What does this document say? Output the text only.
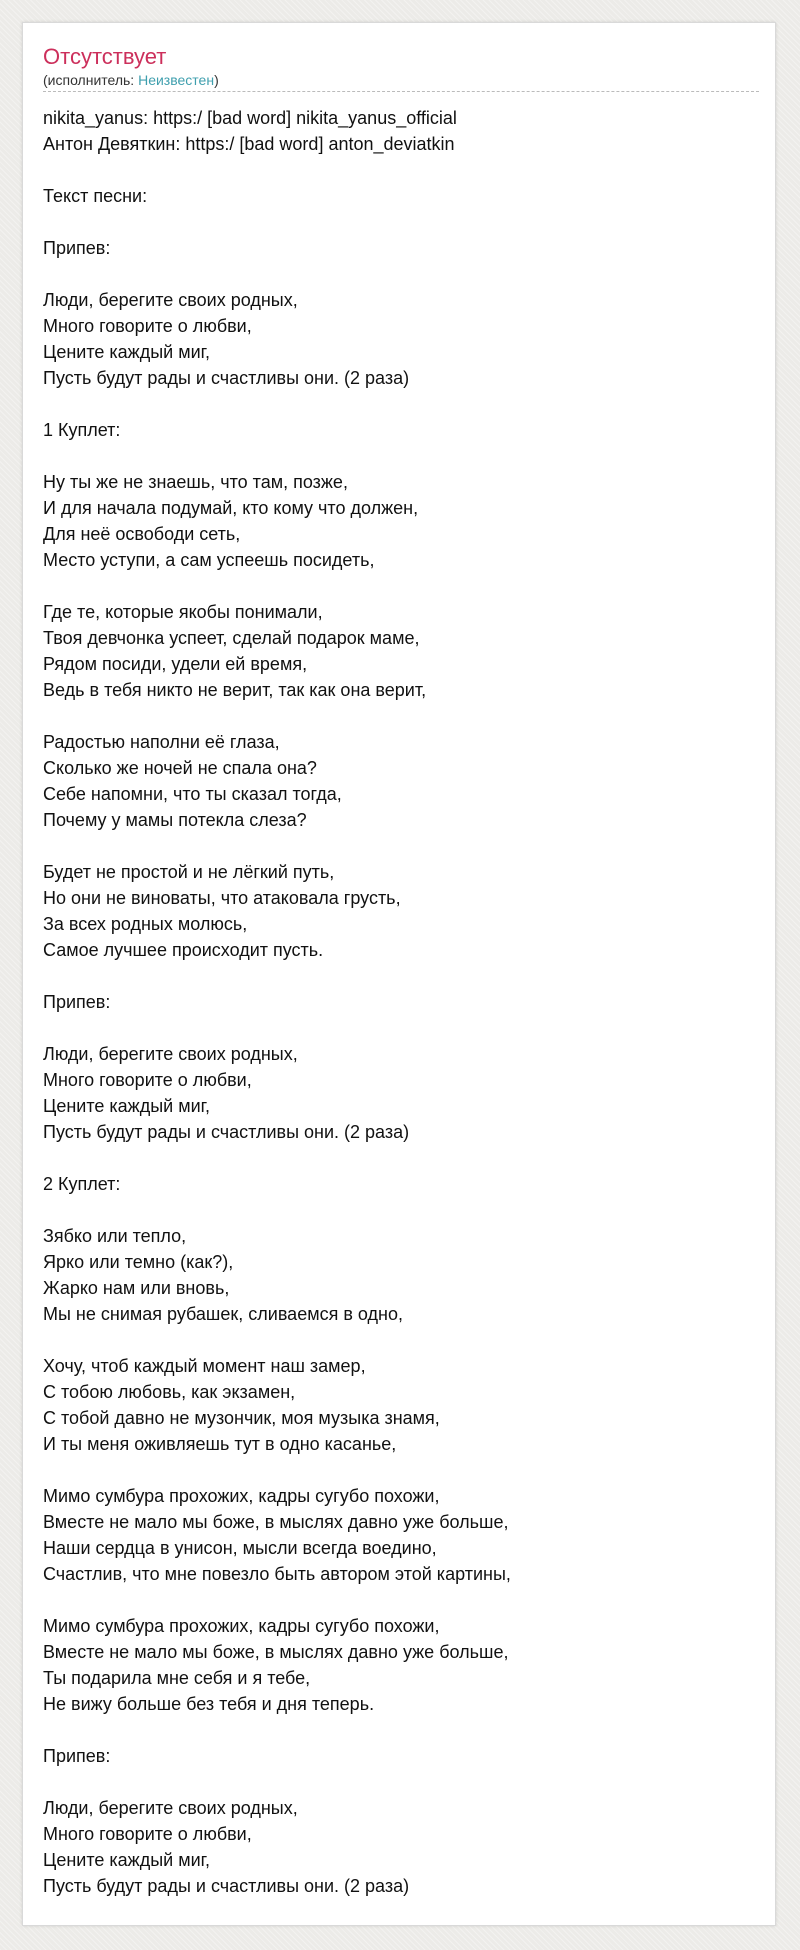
Отсутствует
(исполнитель: Неизвестен)
nikita_yanus: https:/ [bad word] nikita_yanus_official
Антон Девяткин: https:/ [bad word] anton_deviatkin
Текст песни:
Припев:
Люди, берегите своих родных,
Много говорите о любви,
Цените каждый миг,
Пусть будут рады и счастливы они. (2 раза)
1 Куплет:
Ну ты же не знаешь, что там, позже,
И для начала подумай, кто кому что должен,
Для неё освободи сеть,
Место уступи, а сам успеешь посидеть,
Где те, которые якобы понимали,
Твоя девчонка успеет, сделай подарок маме,
Рядом посиди, удели ей время,
Ведь в тебя никто не верит, так как она верит,
Радостью наполни её глаза,
Сколько же ночей не спала она?
Себе напомни, что ты сказал тогда,
Почему у мамы потекла слеза?
Будет не простой и не лёгкий путь,
Но они не виноваты, что атаковала грусть,
За всех родных молюсь,
Самое лучшее происходит пусть.
Припев:
Люди, берегите своих родных,
Много говорите о любви,
Цените каждый миг,
Пусть будут рады и счастливы они. (2 раза)
2 Куплет:
Зябко или тепло,
Ярко или темно (как?),
Жарко нам или вновь,
Мы не снимая рубашек, сливаемся в одно,
Хочу, чтоб каждый момент наш замер,
С тобою любовь, как экзамен,
С тобой давно не музончик, моя музыка знамя,
И ты меня оживляешь тут в одно касанье,
Мимо сумбура прохожих, кадры сугубо похожи,
Вместе не мало мы боже, в мыслях давно уже больше,
Наши сердца в унисон, мысли всегда воедино,
Счастлив, что мне повезло быть автором этой картины,
Мимо сумбура прохожих, кадры сугубо похожи,
Вместе не мало мы боже, в мыслях давно уже больше,
Ты подарила мне себя и я тебе,
Не вижу больше без тебя и дня теперь.
Припев:
Люди, берегите своих родных,
Много говорите о любви,
Цените каждый миг,
Пусть будут рады и счастливы они. (2 раза)
